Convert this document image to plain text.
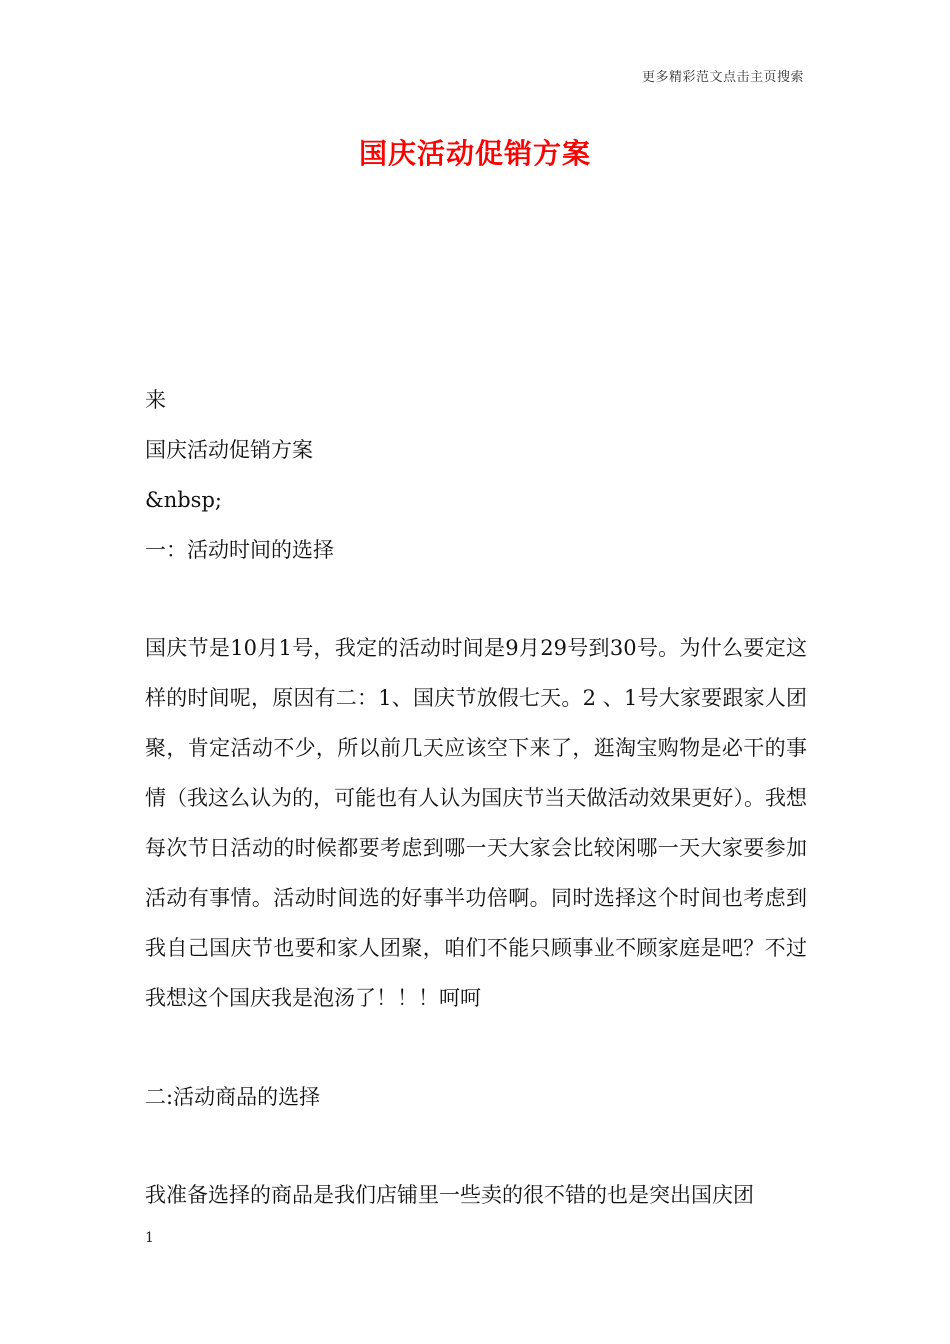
更多精彩范文点击主页搜索
国庆活动促销方案
来
国庆活动促销方案
&nbsp;
一：活动时间的选择

国庆节是10月1号，我定的活动时间是9月29号到30号。为什么要定这样的时间呢，原因有二：1、国庆节放假七天。2 、1号大家要跟家人团聚，肯定活动不少，所以前几天应该空下来了，逛淘宝购物是必干的事情（我这么认为的，可能也有人认为国庆节当天做活动效果更好）。我想每次节日活动的时候都要考虑到哪一天大家会比较闲哪一天大家要参加活动有事情。活动时间选的好事半功倍啊。同时选择这个时间也考虑到我自己国庆节也要和家人团聚，咱们不能只顾事业不顾家庭是吧？不过我想这个国庆我是泡汤了！！！呵呵

二:活动商品的选择
我准备选择的商品是我们店铺里一些卖的很不错的也是突出国庆团
1
